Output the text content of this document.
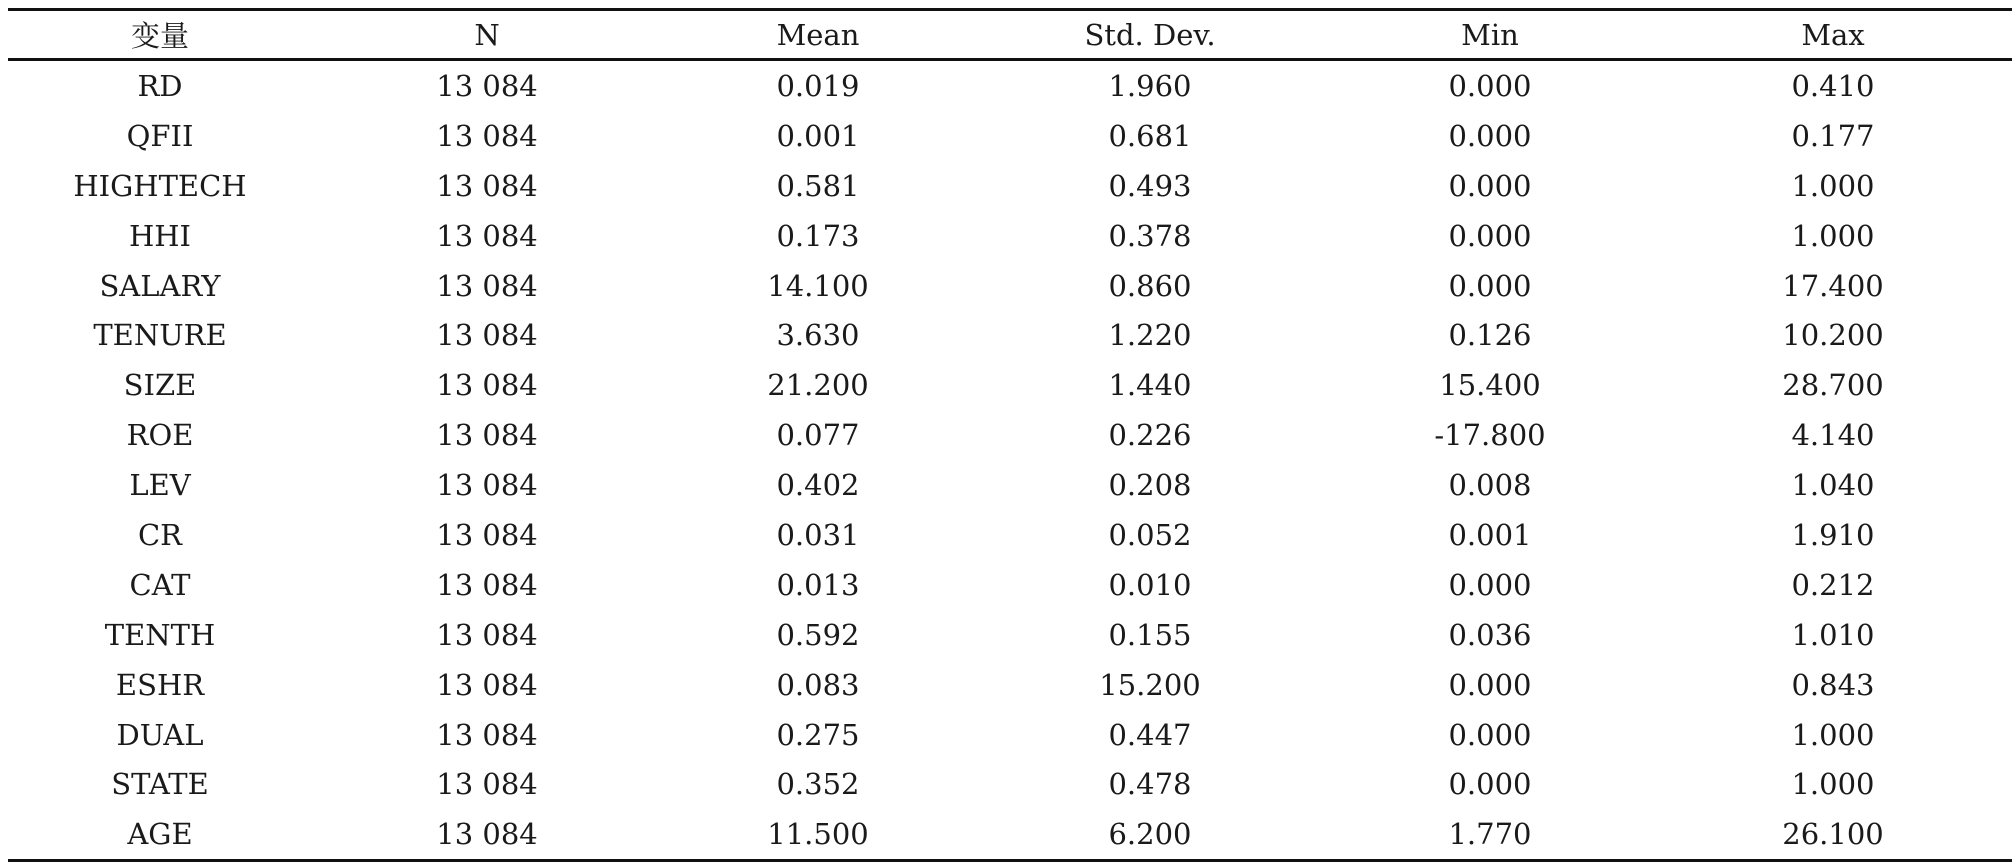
变量	N	Mean	Std. Dev.	Min	Max
RD	13 084	0.019	1.960	0.000	0.410
QFII	13 084	0.001	0.681	0.000	0.177
HIGHTECH	13 084	0.581	0.493	0.000	1.000
HHI	13 084	0.173	0.378	0.000	1.000
SALARY	13 084	14.100	0.860	0.000	17.400
TENURE	13 084	3.630	1.220	0.126	10.200
SIZE	13 084	21.200	1.440	15.400	28.700
ROE	13 084	0.077	0.226	-17.800	4.140
LEV	13 084	0.402	0.208	0.008	1.040
CR	13 084	0.031	0.052	0.001	1.910
CAT	13 084	0.013	0.010	0.000	0.212
TENTH	13 084	0.592	0.155	0.036	1.010
ESHR	13 084	0.083	15.200	0.000	0.843
DUAL	13 084	0.275	0.447	0.000	1.000
STATE	13 084	0.352	0.478	0.000	1.000
AGE	13 084	11.500	6.200	1.770	26.100
